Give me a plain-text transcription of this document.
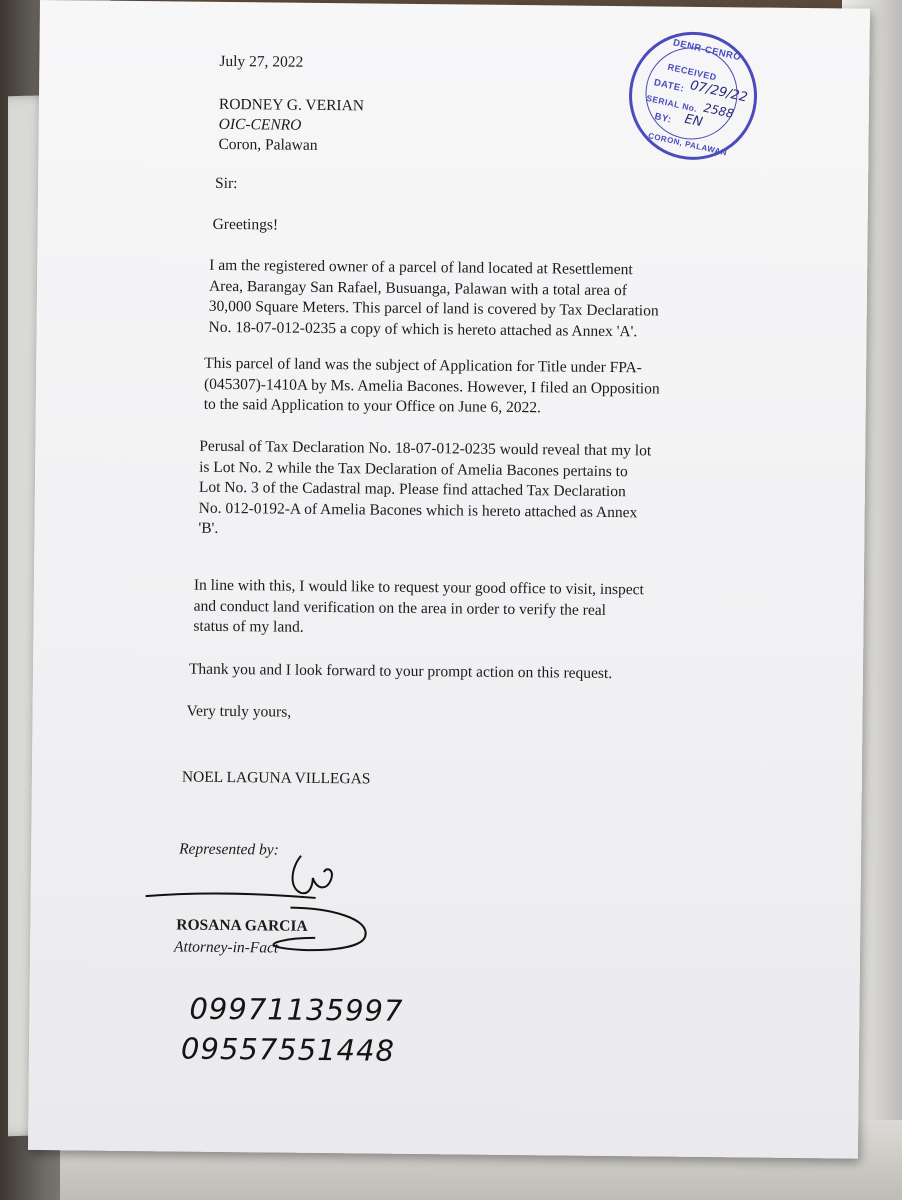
DENR-CENRO
RECEIVED
DATE: 07/29/22
SERIAL No. 2588
BY: EN
CORON, PALAWAN

July 27, 2022

RODNEY G. VERIAN

OIC-CENRO

Coron, Palawan

Sir:

Greetings!

I am the registered owner of a parcel of land located at Resettlement
Area, Barangay San Rafael, Busuanga, Palawan with a total area of
30,000 Square Meters. This parcel of land is covered by Tax Declaration
No. 18-07-012-0235 a copy of which is hereto attached as Annex 'A'.
This parcel of land was the subject of Application for Title under FPA-
(045307)-1410A by Ms. Amelia Bacones. However, I filed an Opposition
to the said Application to your Office on June 6, 2022.
Perusal of Tax Declaration No. 18-07-012-0235 would reveal that my lot
is Lot No. 2 while the Tax Declaration of Amelia Bacones pertains to
Lot No. 3 of the Cadastral map. Please find attached Tax Declaration
No. 012-0192-A of Amelia Bacones which is hereto attached as Annex
'B'.
In line with this, I would like to request your good office to visit, inspect
and conduct land verification on the area in order to verify the real
status of my land.

Thank you and I look forward to your prompt action on this request.

Very truly yours,

NOEL LAGUNA VILLEGAS

Represented by:

ROSANA GARCIA

Attorney-in-Fact

09971135997

09557551448
